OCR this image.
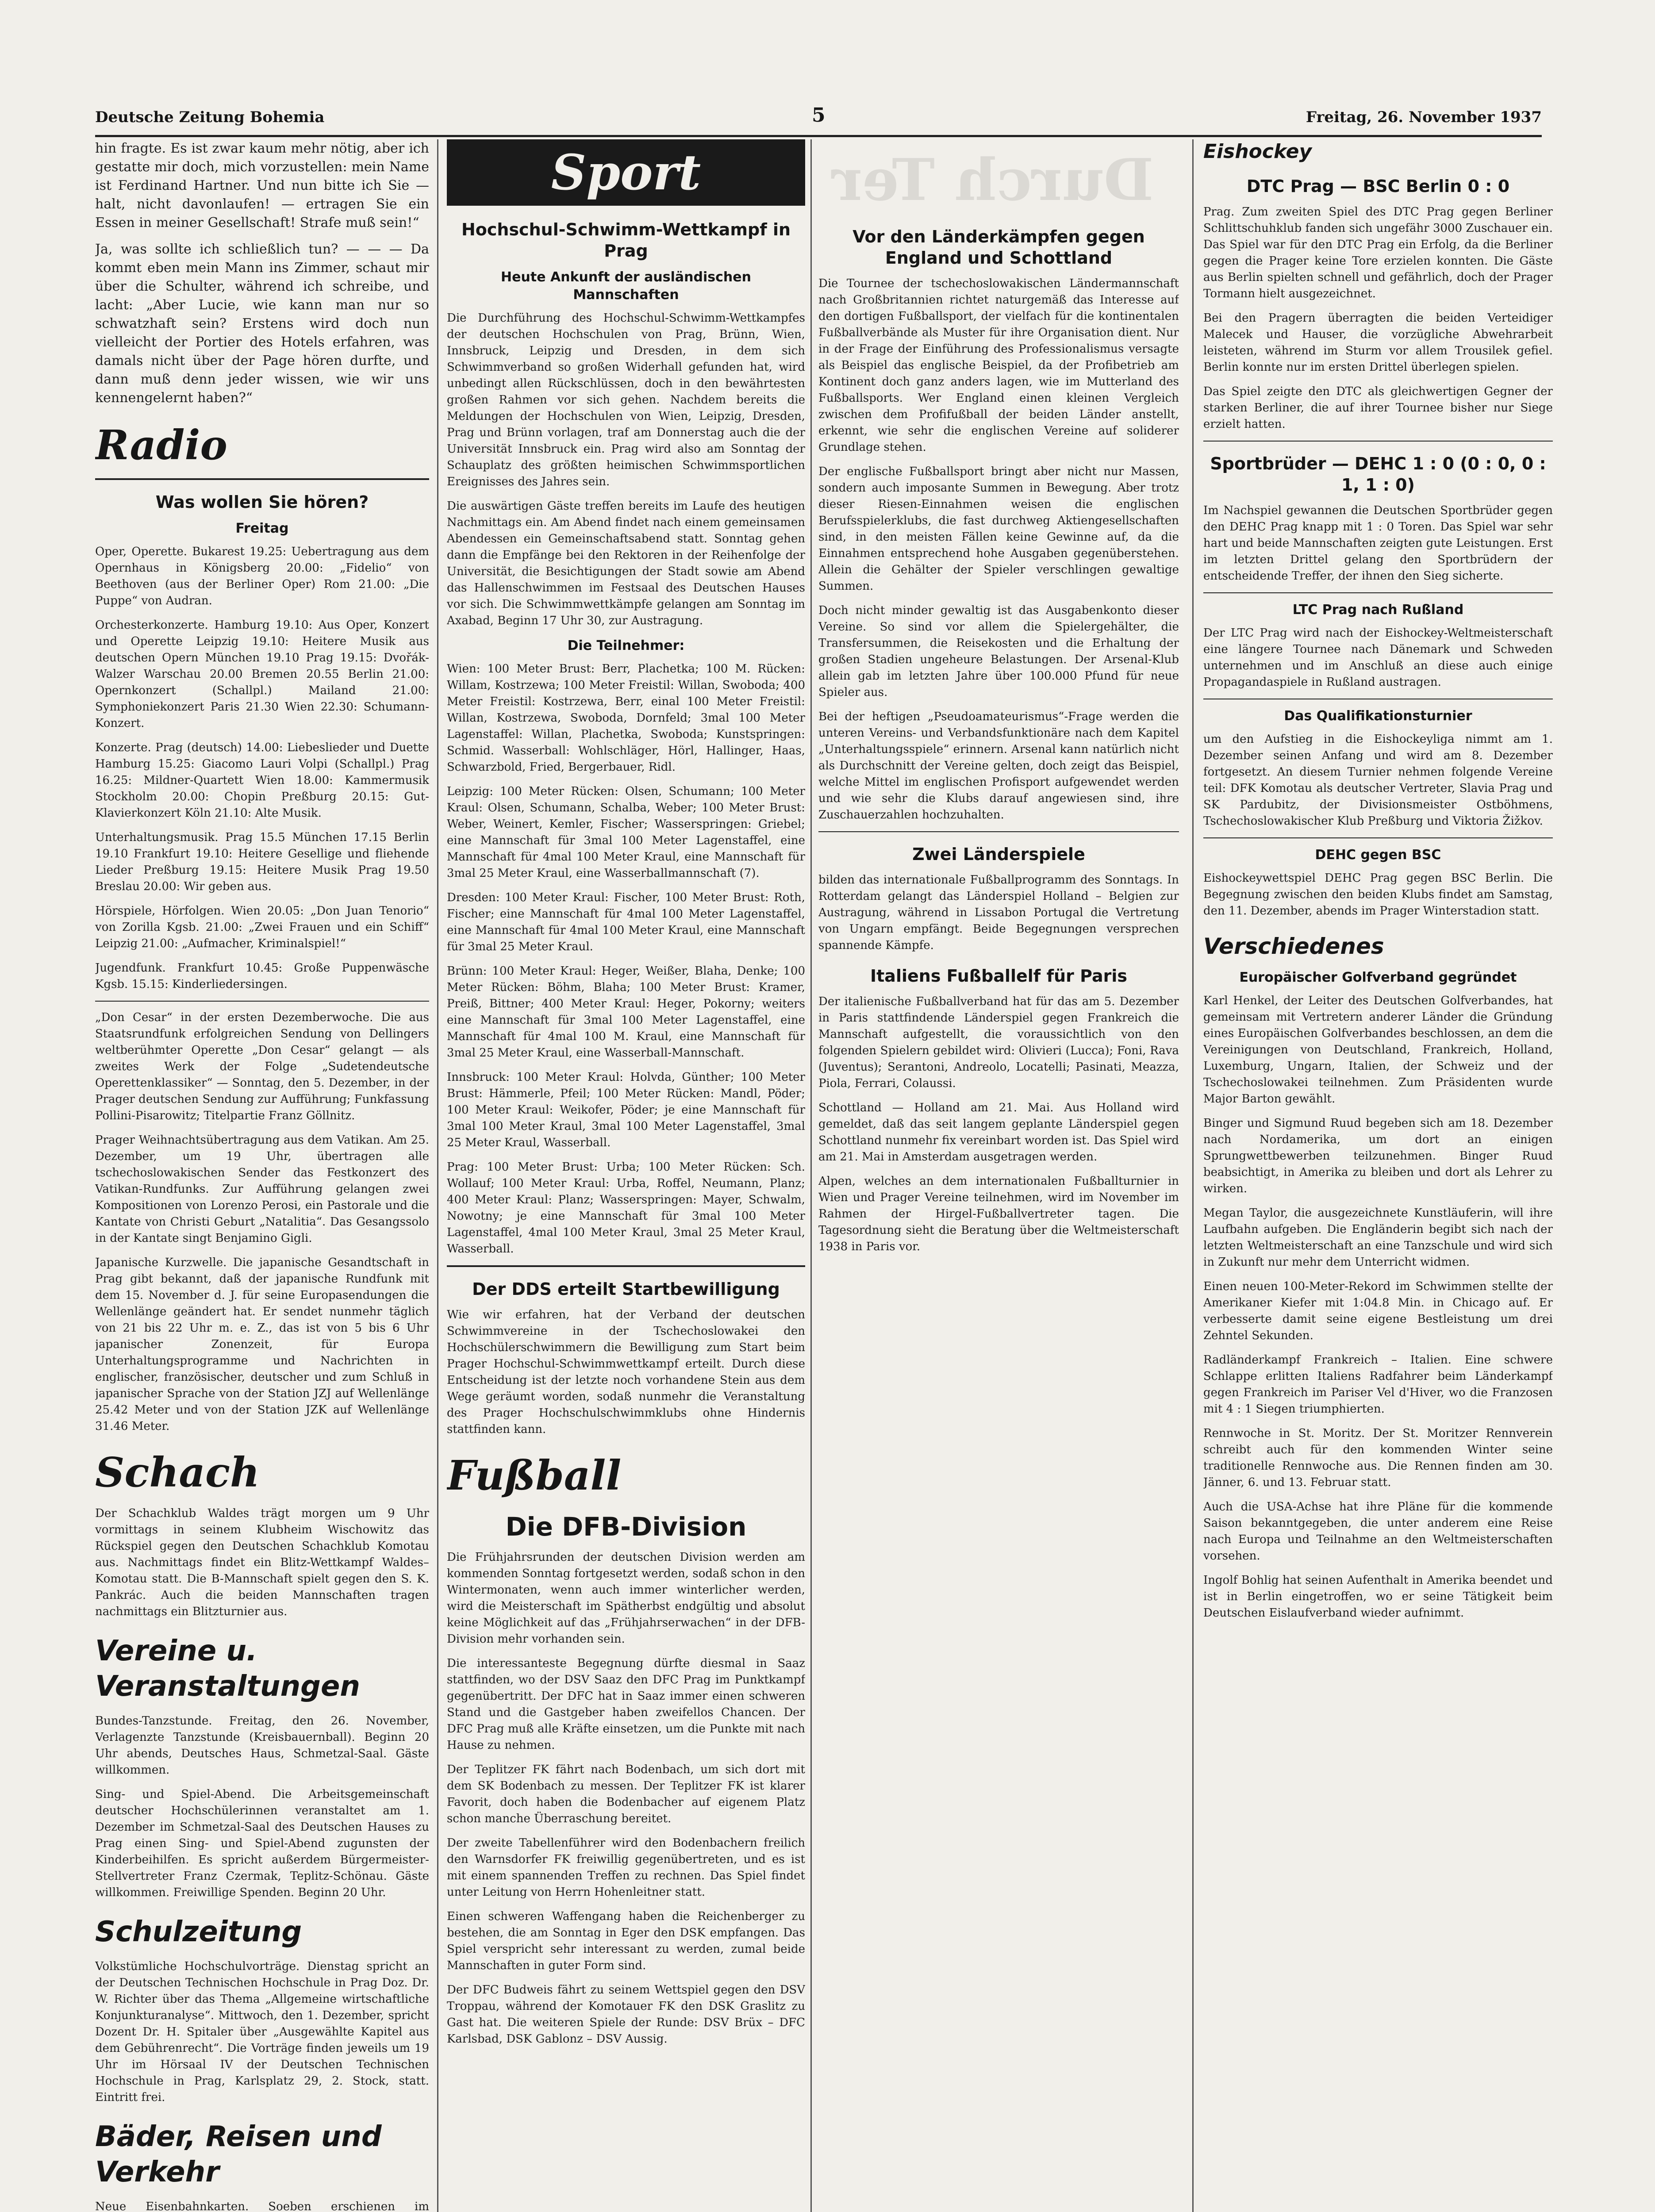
Durch Ter
Deutsche Zeitung Bohemia	5	Freitag, 26. November 1937

hin fragte. Es ist zwar kaum mehr nötig, aber ich gestatte mir doch, mich vorzustellen: mein Name ist Ferdinand Hartner. Und nun bitte ich Sie — halt, nicht davonlaufen! — ertragen Sie ein Essen in meiner Gesellschaft! Strafe muß sein!“

Ja, was sollte ich schließlich tun? — — — Da kommt eben mein Mann ins Zimmer, schaut mir über die Schulter, während ich schreibe, und lacht: „Aber Lucie, wie kann man nur so schwatzhaft sein? Erstens wird doch nun vielleicht der Portier des Hotels erfahren, was damals nicht über der Page hören durfte, und dann muß denn jeder wissen, wie wir uns kennengelernt haben?“

Radio
Was wollen Sie hören?
Freitag

Oper, Operette. Bukarest 19.25: Uebertragung aus dem Opernhaus in Königsberg 20.00: „Fidelio“ von Beethoven (aus der Berliner Oper) Rom 21.00: „Die Puppe“ von Audran.

Orchesterkonzerte. Hamburg 19.10: Aus Oper, Konzert und Operette Leipzig 19.10: Heitere Musik aus deutschen Opern München 19.10 Prag 19.15: Dvořák-Walzer Warschau 20.00 Bremen 20.55 Berlin 21.00: Opernkonzert (Schallpl.) Mailand 21.00: Symphoniekonzert Paris 21.30 Wien 22.30: Schumann-Konzert.

Konzerte. Prag (deutsch) 14.00: Liebeslieder und Duette Hamburg 15.25: Giacomo Lauri Volpi (Schallpl.) Prag 16.25: Mildner-Quartett Wien 18.00: Kammermusik Stockholm 20.00: Chopin Preßburg 20.15: Gut-Klavierkonzert Köln 21.10: Alte Musik.

Unterhaltungsmusik. Prag 15.5 München 17.15 Berlin 19.10 Frankfurt 19.10: Heitere Gesellige und fliehende Lieder Preßburg 19.15: Heitere Musik Prag 19.50 Breslau 20.00: Wir geben aus.

Hörspiele, Hörfolgen. Wien 20.05: „Don Juan Tenorio“ von Zorilla Kgsb. 21.00: „Zwei Frauen und ein Schiff“ Leipzig 21.00: „Aufmacher, Kriminalspiel!“

Jugendfunk. Frankfurt 10.45: Große Puppenwäsche Kgsb. 15.15: Kinderliedersingen.

„Don Cesar“ in der ersten Dezemberwoche. Die aus Staatsrundfunk erfolgreichen Sendung von Dellingers weltberühmter Operette „Don Cesar“ gelangt — als zweites Werk der Folge „Sudetendeutsche Operettenklassiker“ — Sonntag, den 5. Dezember, in der Prager deutschen Sendung zur Aufführung; Funkfassung Pollini-Pisarowitz; Titelpartie Franz Göllnitz.

Prager Weihnachtsübertragung aus dem Vatikan. Am 25. Dezember, um 19 Uhr, übertragen alle tschechoslowakischen Sender das Festkonzert des Vatikan-Rundfunks. Zur Aufführung gelangen zwei Kompositionen von Lorenzo Perosi, ein Pastorale und die Kantate von Christi Geburt „Natalitia“. Das Gesangssolo in der Kantate singt Benjamino Gigli.

Japanische Kurzwelle. Die japanische Gesandtschaft in Prag gibt bekannt, daß der japanische Rundfunk mit dem 15. November d. J. für seine Europasendungen die Wellenlänge geändert hat. Er sendet nunmehr täglich von 21 bis 22 Uhr m. e. Z., das ist von 5 bis 6 Uhr japanischer Zonenzeit, für Europa Unterhaltungsprogramme und Nachrichten in englischer, französischer, deutscher und zum Schluß in japanischer Sprache von der Station JZJ auf Wellenlänge 25.42 Meter und von der Station JZK auf Wellenlänge 31.46 Meter.

Schach

Der Schachklub Waldes trägt morgen um 9 Uhr vormittags in seinem Klubheim Wischowitz das Rückspiel gegen den Deutschen Schachklub Komotau aus. Nachmittags findet ein Blitz-Wettkampf Waldes–Komotau statt. Die B-Mannschaft spielt gegen den S. K. Pankrác. Auch die beiden Mannschaften tragen nachmittags ein Blitzturnier aus.

Vereine u. Veranstaltungen

Bundes-Tanzstunde. Freitag, den 26. November, Verlagenzte Tanzstunde (Kreisbauernball). Beginn 20 Uhr abends, Deutsches Haus, Schmetzal-Saal. Gäste willkommen.

Sing- und Spiel-Abend. Die Arbeitsgemeinschaft deutscher Hochschülerinnen veranstaltet am 1. Dezember im Schmetzal-Saal des Deutschen Hauses zu Prag einen Sing- und Spiel-Abend zugunsten der Kinderbeihilfen. Es spricht außerdem Bürgermeister-Stellvertreter Franz Czermak, Teplitz-Schönau. Gäste willkommen. Freiwillige Spenden. Beginn 20 Uhr.

Schulzeitung

Volkstümliche Hochschulvorträge. Dienstag spricht an der Deutschen Technischen Hochschule in Prag Doz. Dr. W. Richter über das Thema „Allgemeine wirtschaftliche Konjunkturanalyse“. Mittwoch, den 1. Dezember, spricht Dozent Dr. H. Spitaler über „Ausgewählte Kapitel aus dem Gebührenrecht“. Die Vorträge finden jeweils um 19 Uhr im Hörsaal IV der Deutschen Technischen Hochschule in Prag, Karlsplatz 29, 2. Stock, statt. Eintritt frei.

Bäder, Reisen und Verkehr

Neue Eisenbahnkarten. Soeben erschienen im

Sport
Hochschul-Schwimm-Wettkampf in Prag
Heute Ankunft der ausländischen Mannschaften

Die Durchführung des Hochschul-Schwimm-Wettkampfes der deutschen Hochschulen von Prag, Brünn, Wien, Innsbruck, Leipzig und Dresden, in dem sich Schwimmverband so großen Widerhall gefunden hat, wird unbedingt allen Rückschlüssen, doch in den bewährtesten großen Rahmen vor sich gehen. Nachdem bereits die Meldungen der Hochschulen von Wien, Leipzig, Dresden, Prag und Brünn vorlagen, traf am Donnerstag auch die der Universität Innsbruck ein. Prag wird also am Sonntag der Schauplatz des größten heimischen Schwimmsportlichen Ereignisses des Jahres sein.

Die auswärtigen Gäste treffen bereits im Laufe des heutigen Nachmittags ein. Am Abend findet nach einem gemeinsamen Abendessen ein Gemeinschaftsabend statt. Sonntag gehen dann die Empfänge bei den Rektoren in der Reihenfolge der Universität, die Besichtigungen der Stadt sowie am Abend das Hallenschwimmen im Festsaal des Deutschen Hauses vor sich. Die Schwimmwettkämpfe gelangen am Sonntag im Axabad, Beginn 17 Uhr 30, zur Austragung.

Die Teilnehmer:

Wien: 100 Meter Brust: Berr, Plachetka; 100 M. Rücken: Willam, Kostrzewa; 100 Meter Freistil: Willan, Swoboda; 400 Meter Freistil: Kostrzewa, Berr, einal 100 Meter Freistil: Willan, Kostrzewa, Swoboda, Dornfeld; 3mal 100 Meter Lagenstaffel: Willan, Plachetka, Swoboda; Kunstspringen: Schmid. Wasserball: Wohlschläger, Hörl, Hallinger, Haas, Schwarzbold, Fried, Bergerbauer, Ridl.

Leipzig: 100 Meter Rücken: Olsen, Schumann; 100 Meter Kraul: Olsen, Schumann, Schalba, Weber; 100 Meter Brust: Weber, Weinert, Kemler, Fischer; Wasserspringen: Griebel; eine Mannschaft für 3mal 100 Meter Lagenstaffel, eine Mannschaft für 4mal 100 Meter Kraul, eine Mannschaft für 3mal 25 Meter Kraul, eine Wasserballmannschaft (7).

Dresden: 100 Meter Kraul: Fischer, 100 Meter Brust: Roth, Fischer; eine Mannschaft für 4mal 100 Meter Lagenstaffel, eine Mannschaft für 4mal 100 Meter Kraul, eine Mannschaft für 3mal 25 Meter Kraul.

Brünn: 100 Meter Kraul: Heger, Weißer, Blaha, Denke; 100 Meter Rücken: Böhm, Blaha; 100 Meter Brust: Kramer, Preiß, Bittner; 400 Meter Kraul: Heger, Pokorny; weiters eine Mannschaft für 3mal 100 Meter Lagenstaffel, eine Mannschaft für 4mal 100 M. Kraul, eine Mannschaft für 3mal 25 Meter Kraul, eine Wasserball-Mannschaft.

Innsbruck: 100 Meter Kraul: Holvda, Günther; 100 Meter Brust: Hämmerle, Pfeil; 100 Meter Rücken: Mandl, Pöder; 100 Meter Kraul: Weikofer, Pöder; je eine Mannschaft für 3mal 100 Meter Kraul, 3mal 100 Meter Lagenstaffel, 3mal 25 Meter Kraul, Wasserball.

Prag: 100 Meter Brust: Urba; 100 Meter Rücken: Sch. Wollauf; 100 Meter Kraul: Urba, Roffel, Neumann, Planz; 400 Meter Kraul: Planz; Wasserspringen: Mayer, Schwalm, Nowotny; je eine Mannschaft für 3mal 100 Meter Lagenstaffel, 4mal 100 Meter Kraul, 3mal 25 Meter Kraul, Wasserball.

Der DDS erteilt Startbewilligung

Wie wir erfahren, hat der Verband der deutschen Schwimmvereine in der Tschechoslowakei den Hochschülerschwimmern die Bewilligung zum Start beim Prager Hochschul-Schwimmwettkampf erteilt. Durch diese Entscheidung ist der letzte noch vorhandene Stein aus dem Wege geräumt worden, sodaß nunmehr die Veranstaltung des Prager Hochschulschwimmklubs ohne Hindernis stattfinden kann.

Fußball
Die DFB-Division

Die Frühjahrsrunden der deutschen Division werden am kommenden Sonntag fortgesetzt werden, sodaß schon in den Wintermonaten, wenn auch immer winterlicher werden, wird die Meisterschaft im Spätherbst endgültig und absolut keine Möglichkeit auf das „Frühjahrserwachen“ in der DFB-Division mehr vorhanden sein.

Die interessanteste Begegnung dürfte diesmal in Saaz stattfinden, wo der DSV Saaz den DFC Prag im Punktkampf gegenübertritt. Der DFC hat in Saaz immer einen schweren Stand und die Gastgeber haben zweifellos Chancen. Der DFC Prag muß alle Kräfte einsetzen, um die Punkte mit nach Hause zu nehmen.

Der Teplitzer FK fährt nach Bodenbach, um sich dort mit dem SK Bodenbach zu messen. Der Teplitzer FK ist klarer Favorit, doch haben die Bodenbacher auf eigenem Platz schon manche Überraschung bereitet.

Der zweite Tabellenführer wird den Bodenbachern freilich den Warnsdorfer FK freiwillig gegenübertreten, und es ist mit einem spannenden Treffen zu rechnen. Das Spiel findet unter Leitung von Herrn Hohenleitner statt.

Einen schweren Waffengang haben die Reichenberger zu bestehen, die am Sonntag in Eger den DSK empfangen. Das Spiel verspricht sehr interessant zu werden, zumal beide Mannschaften in guter Form sind.

Der DFC Budweis fährt zu seinem Wettspiel gegen den DSV Troppau, während der Komotauer FK den DSK Graslitz zu Gast hat. Die weiteren Spiele der Runde: DSV Brüx – DFC Karlsbad, DSK Gablonz – DSV Aussig.

Vor den Länderkämpfen gegen England und Schottland

Die Tournee der tschechoslowakischen Ländermannschaft nach Großbritannien richtet naturgemäß das Interesse auf den dortigen Fußballsport, der vielfach für die kontinentalen Fußballverbände als Muster für ihre Organisation dient. Nur in der Frage der Einführung des Professionalismus versagte als Beispiel das englische Beispiel, da der Profibetrieb am Kontinent doch ganz anders lagen, wie im Mutterland des Fußballsports. Wer England einen kleinen Vergleich zwischen dem Profifußball der beiden Länder anstellt, erkennt, wie sehr die englischen Vereine auf soliderer Grundlage stehen.

Der englische Fußballsport bringt aber nicht nur Massen, sondern auch imposante Summen in Bewegung. Aber trotz dieser Riesen-Einnahmen weisen die englischen Berufsspielerklubs, die fast durchweg Aktiengesellschaften sind, in den meisten Fällen keine Gewinne auf, da die Einnahmen entsprechend hohe Ausgaben gegenüberstehen. Allein die Gehälter der Spieler verschlingen gewaltige Summen.

Doch nicht minder gewaltig ist das Ausgabenkonto dieser Vereine. So sind vor allem die Spielergehälter, die Transfersummen, die Reisekosten und die Erhaltung der großen Stadien ungeheure Belastungen. Der Arsenal-Klub allein gab im letzten Jahre über 100.000 Pfund für neue Spieler aus.

Bei der heftigen „Pseudoamateurismus“-Frage werden die unteren Vereins- und Verbandsfunktionäre nach dem Kapitel „Unterhaltungsspiele“ erinnern. Arsenal kann natürlich nicht als Durchschnitt der Vereine gelten, doch zeigt das Beispiel, welche Mittel im englischen Profisport aufgewendet werden und wie sehr die Klubs darauf angewiesen sind, ihre Zuschauerzahlen hochzuhalten.

Zwei Länderspiele

bilden das internationale Fußballprogramm des Sonntags. In Rotterdam gelangt das Länderspiel Holland – Belgien zur Austragung, während in Lissabon Portugal die Vertretung von Ungarn empfängt. Beide Begegnungen versprechen spannende Kämpfe.

Italiens Fußballelf für Paris

Der italienische Fußballverband hat für das am 5. Dezember in Paris stattfindende Länderspiel gegen Frankreich die Mannschaft aufgestellt, die voraussichtlich von den folgenden Spielern gebildet wird: Olivieri (Lucca); Foni, Rava (Juventus); Serantoni, Andreolo, Locatelli; Pasinati, Meazza, Piola, Ferrari, Colaussi.

Schottland — Holland am 21. Mai. Aus Holland wird gemeldet, daß das seit langem geplante Länderspiel gegen Schottland nunmehr fix vereinbart worden ist. Das Spiel wird am 21. Mai in Amsterdam ausgetragen werden.

Alpen, welches an dem internationalen Fußballturnier in Wien und Prager Vereine teilnehmen, wird im November im Rahmen der Hirgel-Fußballvertreter tagen. Die Tagesordnung sieht die Beratung über die Weltmeisterschaft 1938 in Paris vor.

Eishockey
DTC Prag — BSC Berlin 0 : 0

Prag. Zum zweiten Spiel des DTC Prag gegen Berliner Schlittschuhklub fanden sich ungefähr 3000 Zuschauer ein. Das Spiel war für den DTC Prag ein Erfolg, da die Berliner gegen die Prager keine Tore erzielen konnten. Die Gäste aus Berlin spielten schnell und gefährlich, doch der Prager Tormann hielt ausgezeichnet.

Bei den Pragern überragten die beiden Verteidiger Malecek und Hauser, die vorzügliche Abwehrarbeit leisteten, während im Sturm vor allem Trousilek gefiel. Berlin konnte nur im ersten Drittel überlegen spielen.

Das Spiel zeigte den DTC als gleichwertigen Gegner der starken Berliner, die auf ihrer Tournee bisher nur Siege erzielt hatten.

Sportbrüder — DEHC 1 : 0 (0 : 0, 0 : 1, 1 : 0)

Im Nachspiel gewannen die Deutschen Sportbrüder gegen den DEHC Prag knapp mit 1 : 0 Toren. Das Spiel war sehr hart und beide Mannschaften zeigten gute Leistungen. Erst im letzten Drittel gelang den Sportbrüdern der entscheidende Treffer, der ihnen den Sieg sicherte.

LTC Prag nach Rußland

Der LTC Prag wird nach der Eishockey-Weltmeisterschaft eine längere Tournee nach Dänemark und Schweden unternehmen und im Anschluß an diese auch einige Propagandaspiele in Rußland austragen.

Das Qualifikationsturnier

um den Aufstieg in die Eishockeyliga nimmt am 1. Dezember seinen Anfang und wird am 8. Dezember fortgesetzt. An diesem Turnier nehmen folgende Vereine teil: DFK Komotau als deutscher Vertreter, Slavia Prag und SK Pardubitz, der Divisionsmeister Ostböhmens, Tschechoslowakischer Klub Preßburg und Viktoria Žižkov.

DEHC gegen BSC

Eishockeywettspiel DEHC Prag gegen BSC Berlin. Die Begegnung zwischen den beiden Klubs findet am Samstag, den 11. Dezember, abends im Prager Winterstadion statt.

Verschiedenes
Europäischer Golfverband gegründet

Karl Henkel, der Leiter des Deutschen Golfverbandes, hat gemeinsam mit Vertretern anderer Länder die Gründung eines Europäischen Golfverbandes beschlossen, an dem die Vereinigungen von Deutschland, Frankreich, Holland, Luxemburg, Ungarn, Italien, der Schweiz und der Tschechoslowakei teilnehmen. Zum Präsidenten wurde Major Barton gewählt.

Binger und Sigmund Ruud begeben sich am 18. Dezember nach Nordamerika, um dort an einigen Sprungwettbewerben teilzunehmen. Binger Ruud beabsichtigt, in Amerika zu bleiben und dort als Lehrer zu wirken.

Megan Taylor, die ausgezeichnete Kunstläuferin, will ihre Laufbahn aufgeben. Die Engländerin begibt sich nach der letzten Weltmeisterschaft an eine Tanzschule und wird sich in Zukunft nur mehr dem Unterricht widmen.

Einen neuen 100-Meter-Rekord im Schwimmen stellte der Amerikaner Kiefer mit 1:04.8 Min. in Chicago auf. Er verbesserte damit seine eigene Bestleistung um drei Zehntel Sekunden.

Radländerkampf Frankreich – Italien. Eine schwere Schlappe erlitten Italiens Radfahrer beim Länderkampf gegen Frankreich im Pariser Vel d'Hiver, wo die Franzosen mit 4 : 1 Siegen triumphierten.

Rennwoche in St. Moritz. Der St. Moritzer Rennverein schreibt auch für den kommenden Winter seine traditionelle Rennwoche aus. Die Rennen finden am 30. Jänner, 6. und 13. Februar statt.

Auch die USA-Achse hat ihre Pläne für die kommende Saison bekanntgegeben, die unter anderem eine Reise nach Europa und Teilnahme an den Weltmeisterschaften vorsehen.

Ingolf Bohlig hat seinen Aufenthalt in Amerika beendet und ist in Berlin eingetroffen, wo er seine Tätigkeit beim Deutschen Eislaufverband wieder aufnimmt.
